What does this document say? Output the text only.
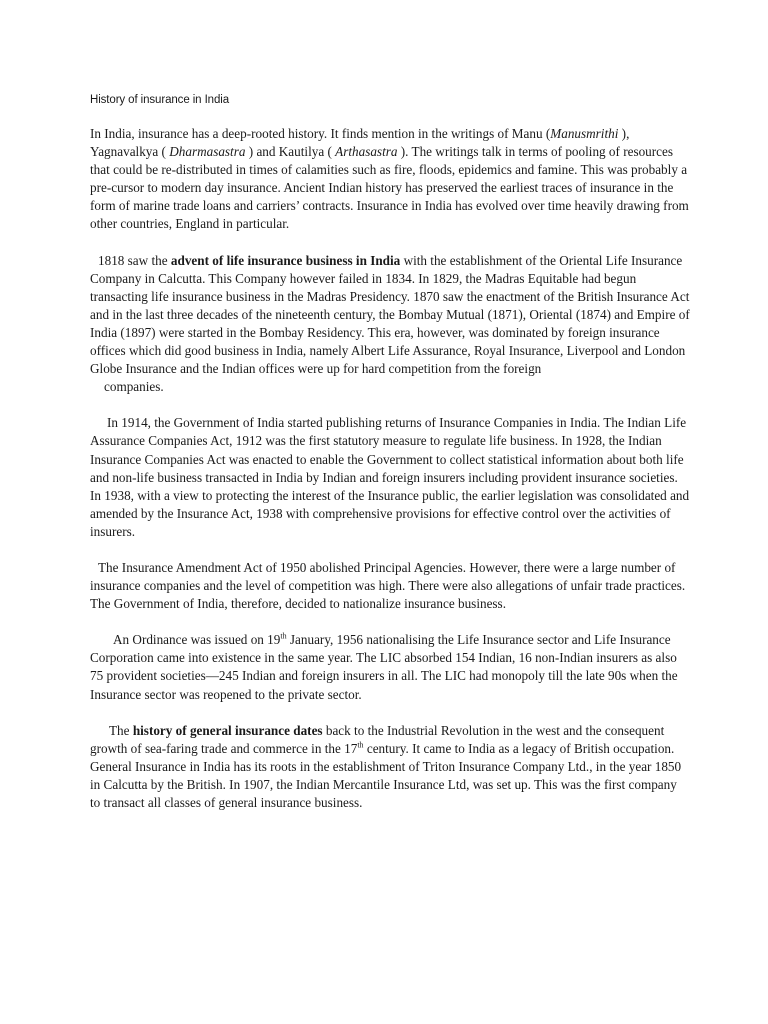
History of insurance in India

In India, insurance has a deep-rooted history. It finds mention in the writings of Manu (Manusmrithi ), Yagnavalkya ( Dharmasastra ) and Kautilya ( Arthasastra ). The writings talk in terms of pooling of resources that could be re-distributed in times of calamities such as fire, floods, epidemics and famine. This was probably a pre-cursor to modern day insurance. Ancient Indian history has preserved the earliest traces of insurance in the form of marine trade loans and carriers’ contracts. Insurance in India has evolved over time heavily drawing from other countries, England in particular.

1818 saw the advent of life insurance business in India with the establishment of the Oriental Life Insurance Company in Calcutta. This Company however failed in 1834. In 1829, the Madras Equitable had begun transacting life insurance business in the Madras Presidency. 1870 saw the enactment of the British Insurance Act and in the last three decades of the nineteenth century, the Bombay Mutual (1871), Oriental (1874) and Empire of India (1897) were started in the Bombay Residency. This era, however, was dominated by foreign insurance offices which did good business in India, namely Albert Life Assurance, Royal Insurance, Liverpool and London Globe Insurance and the Indian offices were up for hard competition from the foreign
companies.

In 1914, the Government of India started publishing returns of Insurance Companies in India. The Indian Life Assurance Companies Act, 1912 was the first statutory measure to regulate life business. In 1928, the Indian Insurance Companies Act was enacted to enable the Government to collect statistical information about both life and non-life business transacted in India by Indian and foreign insurers including provident insurance societies. In 1938, with a view to protecting the interest of the Insurance public, the earlier legislation was consolidated and amended by the Insurance Act, 1938 with comprehensive provisions for effective control over the activities of insurers.

The Insurance Amendment Act of 1950 abolished Principal Agencies. However, there were a large number of insurance companies and the level of competition was high. There were also allegations of unfair trade practices. The Government of India, therefore, decided to nationalize insurance business.

An Ordinance was issued on 19th January, 1956 nationalising the Life Insurance sector and Life Insurance Corporation came into existence in the same year. The LIC absorbed 154 Indian, 16 non-Indian insurers as also 75 provident societies—245 Indian and foreign insurers in all. The LIC had monopoly till the late 90s when the Insurance sector was reopened to the private sector.

The history of general insurance dates back to the Industrial Revolution in the west and the consequent growth of sea-faring trade and commerce in the 17th century. It came to India as a legacy of British occupation. General Insurance in India has its roots in the establishment of Triton Insurance Company Ltd., in the year 1850 in Calcutta by the British. In 1907, the Indian Mercantile Insurance Ltd, was set up. This was the first company to transact all classes of general insurance business.
